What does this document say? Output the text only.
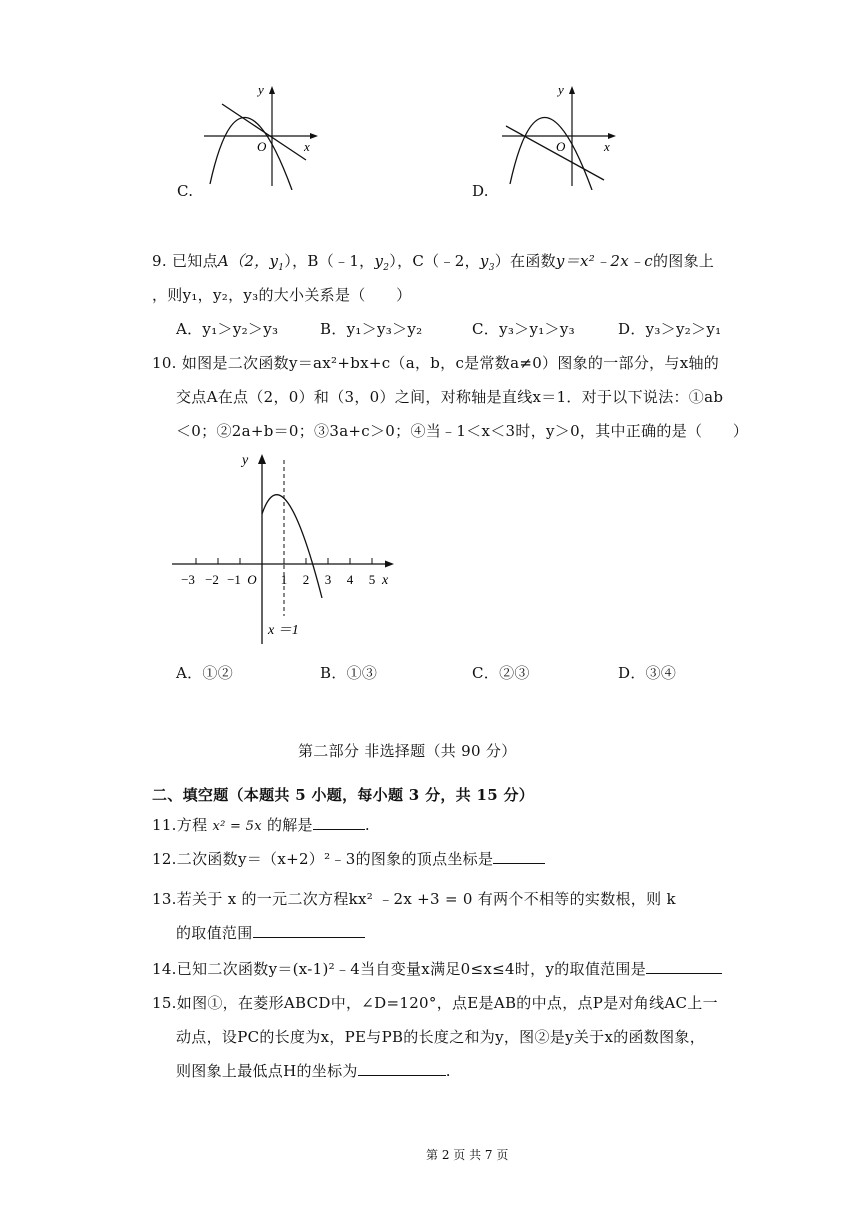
y
x
O
C.
y
x
O
D.
9. 已知点A（2，$y_1$），B（﹣1，$y_2$），C（﹣2，$y_3$）在函数y＝x²﹣2x﹣c的图象上
，则y₁，y₂，y₃的大小关系是（　　）
A．y₁＞y₂＞y₃	B．y₁＞y₃＞y₂	C．y₃＞y₁＞y₃	D．y₃＞y₂＞y₁
10. 如图是二次函数y＝ax²+bx+c（a，b，c是常数a≠0）图象的一部分，与x轴的
交点A在点（2，0）和（3，0）之间，对称轴是直线x＝1．对于以下说法：①ab
＜0；②2a+b＝0；③3a+c＞0；④当﹣1＜x＜3时，y＞0，其中正确的是（　　）
y
x
−3 −2 −1 O 1 2 3 4 5
x ＝1
A．①②	B．①③	C．②③	D．③④
第二部分 非选择题（共 90 分）
二、填空题（本题共 5 小题，每小题 3 分，共 15 分）
11.方程 x² = 5x 的解是	.
12.二次函数y＝（x+2）²﹣3的图象的顶点坐标是
13.若关于 x 的一元二次方程kx² ﹣2x +3 = 0 有两个不相等的实数根，则 k
的取值范围
14.已知二次函数y＝(x-1)²﹣4当自变量x满足0≤x≤4时，y的取值范围是
15.如图①，在菱形ABCD中，∠D=120°，点E是AB的中点，点P是对角线AC上一
动点，设PC的长度为x，PE与PB的长度之和为y，图②是y关于x的函数图象，
则图象上最低点H的坐标为	.
第 2 页 共 7 页
